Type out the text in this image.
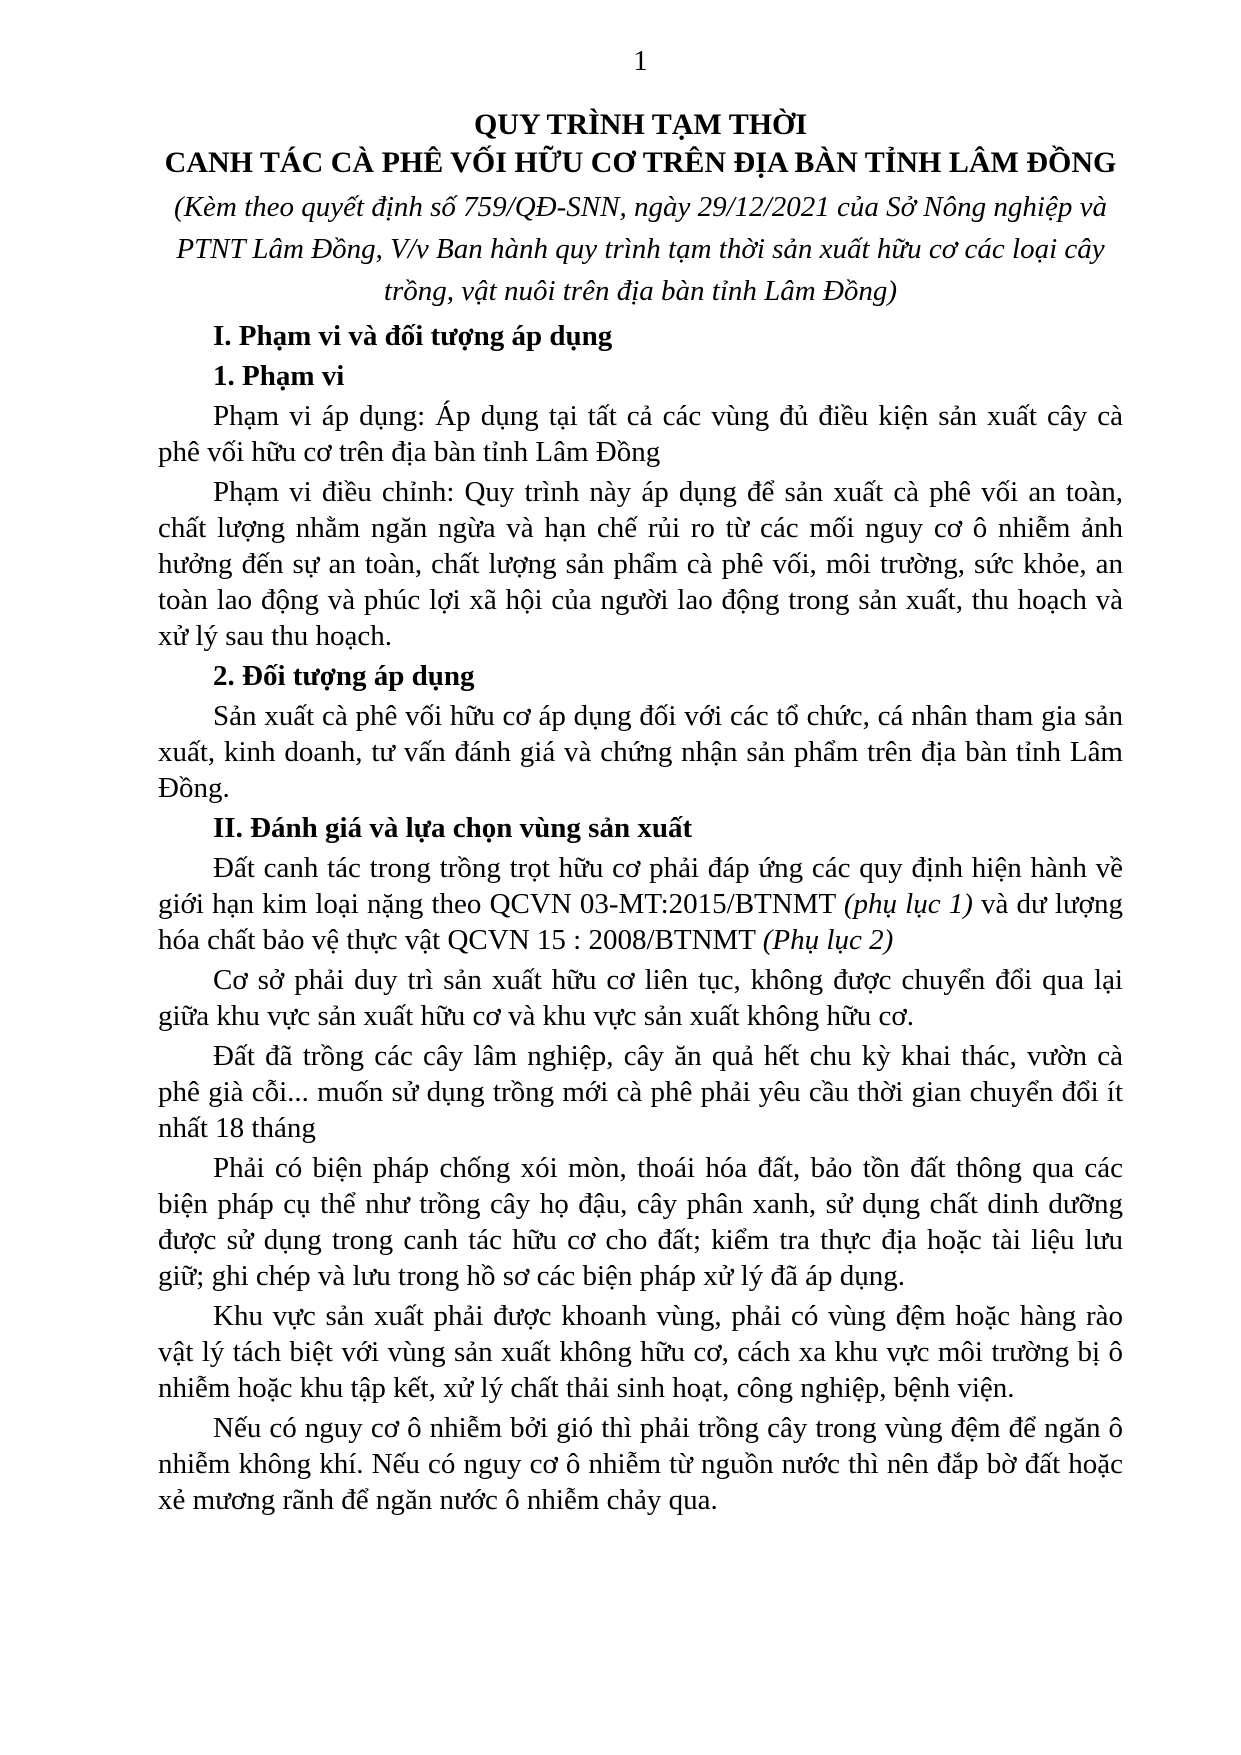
1
QUY TRÌNH TẠM THỜI
CANH TÁC CÀ PHÊ VỐI HỮU CƠ TRÊN ĐỊA BÀN TỈNH LÂM ĐỒNG
(Kèm theo quyết định số 759/QĐ-SNN, ngày 29/12/2021 của Sở Nông nghiệp và PTNT Lâm Đồng, V/v Ban hành quy trình tạm thời sản xuất hữu cơ các loại cây trồng, vật nuôi trên địa bàn tỉnh Lâm Đồng)

I. Phạm vi và đối tượng áp dụng

1. Phạm vi

Phạm vi áp dụng: Áp dụng tại tất cả các vùng đủ điều kiện sản xuất cây cà phê vối hữu cơ trên địa bàn tỉnh Lâm Đồng

Phạm vi điều chỉnh: Quy trình này áp dụng để sản xuất cà phê vối an toàn, chất lượng nhằm ngăn ngừa và hạn chế rủi ro từ các mối nguy cơ ô nhiễm ảnh hưởng đến sự an toàn, chất lượng sản phẩm cà phê vối, môi trường, sức khỏe, an toàn lao động và phúc lợi xã hội của người lao động trong sản xuất, thu hoạch và xử lý sau thu hoạch.

2. Đối tượng áp dụng

Sản xuất cà phê vối hữu cơ áp dụng đối với các tổ chức, cá nhân tham gia sản xuất, kinh doanh, tư vấn đánh giá và chứng nhận sản phẩm trên địa bàn tỉnh Lâm Đồng.

II. Đánh giá và lựa chọn vùng sản xuất

Đất canh tác trong trồng trọt hữu cơ phải đáp ứng các quy định hiện hành về giới hạn kim loại nặng theo QCVN 03-MT:2015/BTNMT (phụ lục 1) và dư lượng hóa chất bảo vệ thực vật QCVN 15 : 2008/BTNMT (Phụ lục 2)

Cơ sở phải duy trì sản xuất hữu cơ liên tục, không được chuyển đổi qua lại giữa khu vực sản xuất hữu cơ và khu vực sản xuất không hữu cơ.

Đất đã trồng các cây lâm nghiệp, cây ăn quả hết chu kỳ khai thác, vườn cà phê già cỗi... muốn sử dụng trồng mới cà phê phải yêu cầu thời gian chuyển đổi ít nhất 18 tháng

Phải có biện pháp chống xói mòn, thoái hóa đất, bảo tồn đất thông qua các biện pháp cụ thể như trồng cây họ đậu, cây phân xanh, sử dụng chất dinh dưỡng được sử dụng trong canh tác hữu cơ cho đất; kiểm tra thực địa hoặc tài liệu lưu giữ; ghi chép và lưu trong hồ sơ các biện pháp xử lý đã áp dụng.

Khu vực sản xuất phải được khoanh vùng, phải có vùng đệm hoặc hàng rào vật lý tách biệt với vùng sản xuất không hữu cơ, cách xa khu vực môi trường bị ô nhiễm hoặc khu tập kết, xử lý chất thải sinh hoạt, công nghiệp, bệnh viện.

Nếu có nguy cơ ô nhiễm bởi gió thì phải trồng cây trong vùng đệm để ngăn ô nhiễm không khí. Nếu có nguy cơ ô nhiễm từ nguồn nước thì nên đắp bờ đất hoặc xẻ mương rãnh để ngăn nước ô nhiễm chảy qua.
